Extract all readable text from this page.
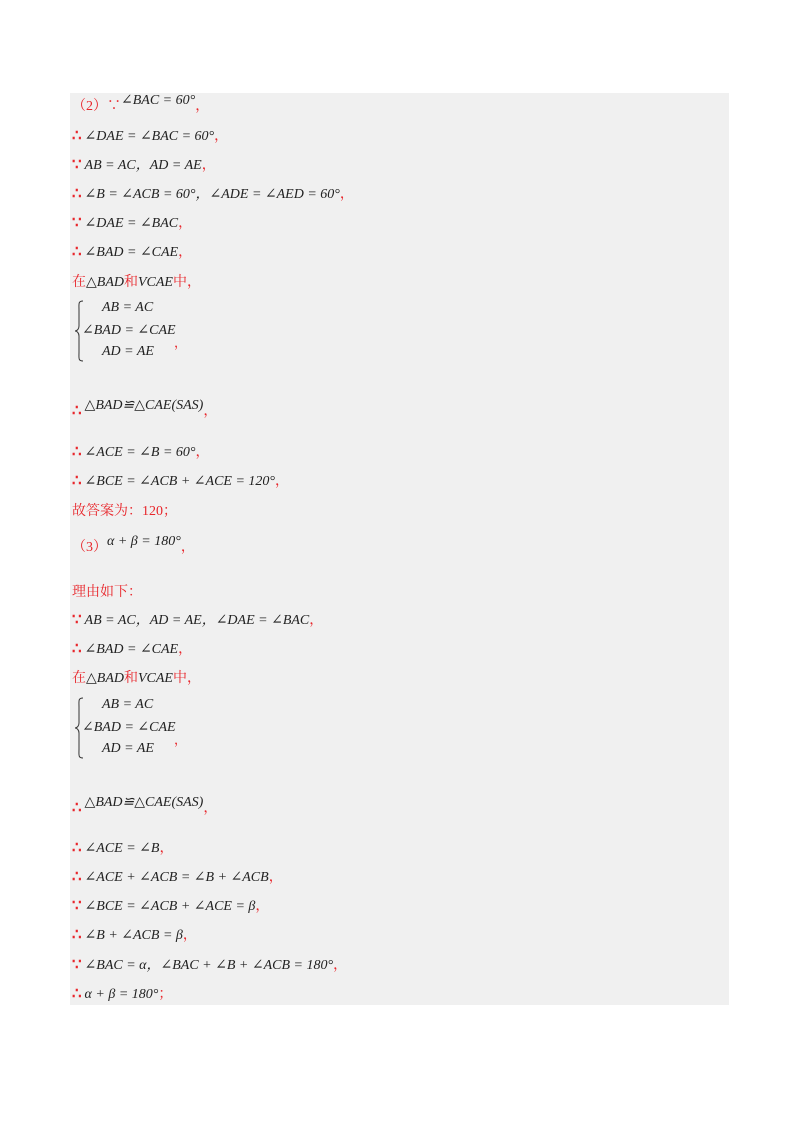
（2）∵∠BAC = 60°，
∴ ∠DAE = ∠BAC = 60°，
∵ AB = AC，AD = AE，
∴ ∠B = ∠ACB = 60°，∠ADE = ∠AED = 60°，
∵ ∠DAE = ∠BAC，
∴ ∠BAD = ∠CAE，
在△BAD和VCAE中，
AB = AC
∠BAD = ∠CAE
AD = AE
，
∴ △BAD≌△CAE(SAS)，
∴ ∠ACE = ∠B = 60°，
∴ ∠BCE = ∠ACB + ∠ACE = 120°，
故答案为：120；
（3）α + β = 180°，
理由如下：
∵ AB = AC，AD = AE，∠DAE = ∠BAC，
∴ ∠BAD = ∠CAE，
在△BAD和VCAE中，
AB = AC
∠BAD = ∠CAE
AD = AE
，
∴ △BAD≌△CAE(SAS)，
∴ ∠ACE = ∠B，
∴ ∠ACE + ∠ACB = ∠B + ∠ACB，
∵ ∠BCE = ∠ACB + ∠ACE = β，
∴ ∠B + ∠ACB = β，
∵ ∠BAC = α，∠BAC + ∠B + ∠ACB = 180°，
∴ α + β = 180°；
